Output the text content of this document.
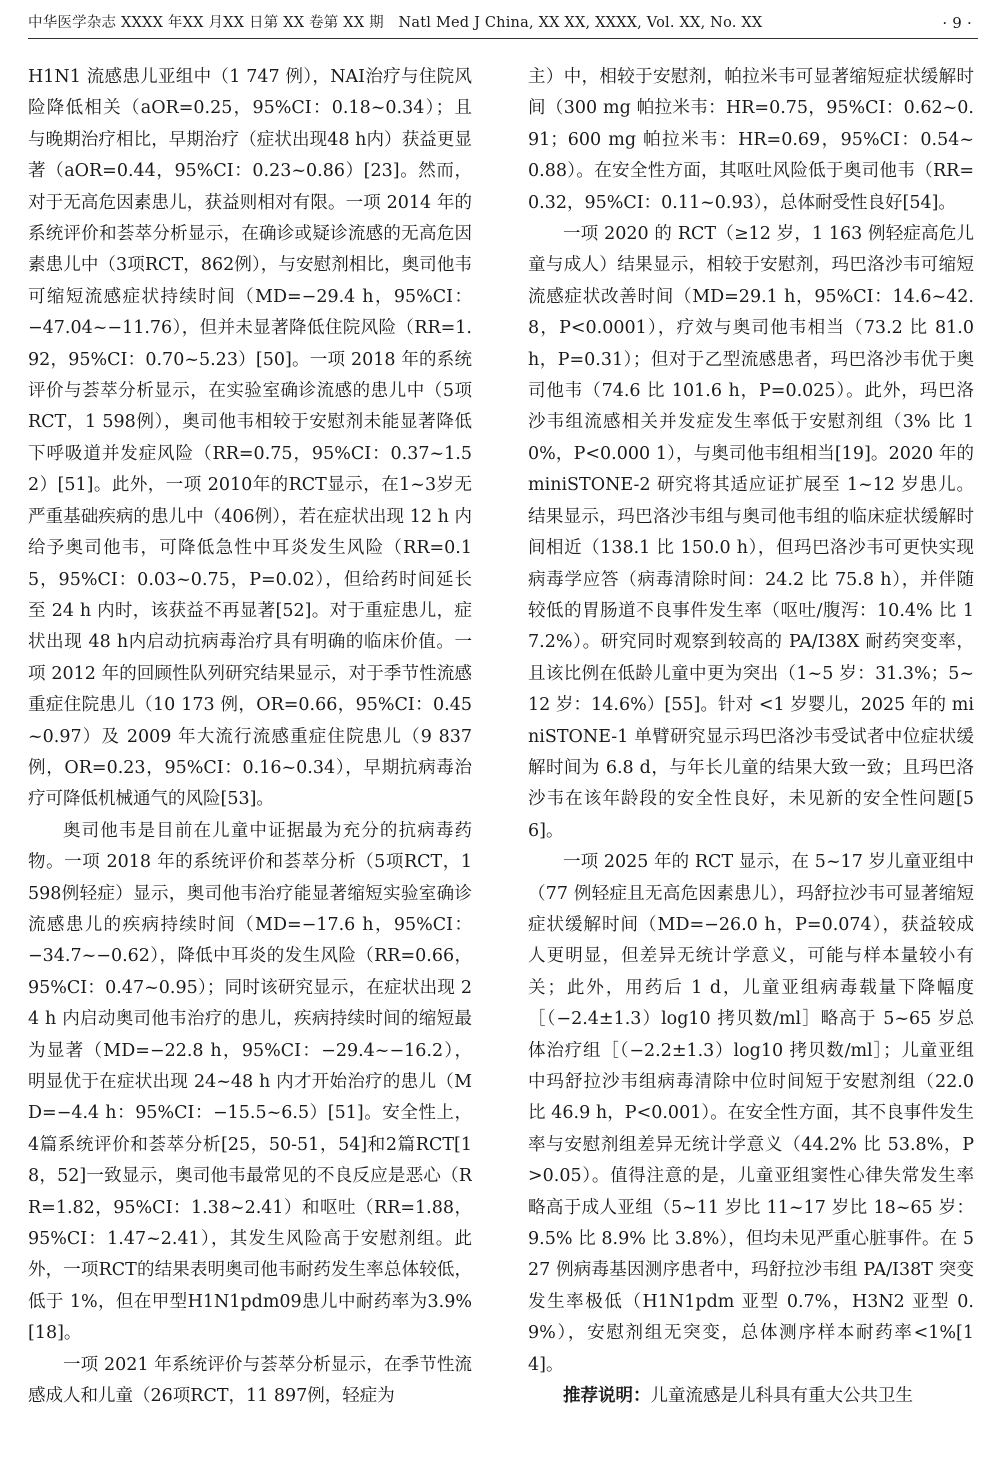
中华医学杂志 XXXX 年XX 月XX 日第 XX 卷第 XX 期　Natl Med J China, XX XX, XXXX, Vol. XX, No. XX	· 9 ·

H1N1 流感患儿亚组中（1 747 例），NAI治疗与住院风险降低相关（aOR=0.25，95%CI：0.18~0.34）；且与晚期治疗相比，早期治疗（症状出现48 h内）获益更显著（aOR=0.44，95%CI：0.23~0.86）[23]。然而，对于无高危因素患儿，获益则相对有限。一项 2014 年的系统评价和荟萃分析显示，在确诊或疑诊流感的无高危因素患儿中（3项RCT，862例），与安慰剂相比，奥司他韦可缩短流感症状持续时间（MD=−29.4 h，95%CI：−47.04~−11.76），但并未显著降低住院风险（RR=1.92，95%CI：0.70~5.23）[50]。一项 2018 年的系统评价与荟萃分析显示，在实验室确诊流感的患儿中（5项RCT，1 598例），奥司他韦相较于安慰剂未能显著降低下呼吸道并发症风险（RR=0.75，95%CI：0.37~1.52）[51]。此外，一项 2010年的RCT显示，在1~3岁无严重基础疾病的患儿中（406例），若在症状出现 12 h 内给予奥司他韦，可降低急性中耳炎发生风险（RR=0.15，95%CI：0.03~0.75，P=0.02），但给药时间延长至 24 h 内时，该获益不再显著[52]。对于重症患儿，症状出现 48 h内启动抗病毒治疗具有明确的临床价值。一项 2012 年的回顾性队列研究结果显示，对于季节性流感重症住院患儿（10 173 例，OR=0.66，95%CI：0.45~0.97）及 2009 年大流行流感重症住院患儿（9 837 例，OR=0.23，95%CI：0.16~0.34），早期抗病毒治疗可降低机械通气的风险[53]。

奥司他韦是目前在儿童中证据最为充分的抗病毒药物。一项 2018 年的系统评价和荟萃分析（5项RCT，1 598例轻症）显示，奥司他韦治疗能显著缩短实验室确诊流感患儿的疾病持续时间（MD=−17.6 h，95%CI：−34.7~−0.62），降低中耳炎的发生风险（RR=0.66，95%CI：0.47~0.95）；同时该研究显示，在症状出现 24 h 内启动奥司他韦治疗的患儿，疾病持续时间的缩短最为显著（MD=−22.8 h，95%CI：−29.4~−16.2），明显优于在症状出现 24~48 h 内才开始治疗的患儿（MD=−4.4 h：95%CI：−15.5~6.5）[51]。安全性上，4篇系统评价和荟萃分析[25，50-51，54]和2篇RCT[18，52]一致显示，奥司他韦最常见的不良反应是恶心（RR=1.82，95%CI：1.38~2.41）和呕吐（RR=1.88，95%CI：1.47~2.41），其发生风险高于安慰剂组。此外，一项RCT的结果表明奥司他韦耐药发生率总体较低，低于 1%，但在甲型H1N1pdm09患儿中耐药率为3.9%[18]。

一项 2021 年系统评价与荟萃分析显示，在季节性流感成人和儿童（26项RCT，11 897例，轻症为

主）中，相较于安慰剂，帕拉米韦可显著缩短症状缓解时间（300 mg 帕拉米韦：HR=0.75，95%CI：0.62~0.91；600 mg 帕拉米韦：HR=0.69，95%CI：0.54~0.88）。在安全性方面，其呕吐风险低于奥司他韦（RR=0.32，95%CI：0.11~0.93），总体耐受性良好[54]。

一项 2020 的 RCT（≥12 岁，1 163 例轻症高危儿童与成人）结果显示，相较于安慰剂，玛巴洛沙韦可缩短流感症状改善时间（MD=29.1 h，95%CI：14.6~42.8，P<0.0001），疗效与奥司他韦相当（73.2 比 81.0 h，P=0.31）；但对于乙型流感患者，玛巴洛沙韦优于奥司他韦（74.6 比 101.6 h，P=0.025）。此外，玛巴洛沙韦组流感相关并发症发生率低于安慰剂组（3% 比 10%，P<0.000 1），与奥司他韦组相当[19]。2020 年的 miniSTONE-2 研究将其适应证扩展至 1~12 岁患儿。结果显示，玛巴洛沙韦组与奥司他韦组的临床症状缓解时间相近（138.1 比 150.0 h），但玛巴洛沙韦可更快实现病毒学应答（病毒清除时间：24.2 比 75.8 h），并伴随较低的胃肠道不良事件发生率（呕吐/腹泻：10.4% 比 17.2%）。研究同时观察到较高的 PA/I38X 耐药突变率，且该比例在低龄儿童中更为突出（1~5 岁：31.3%；5~12 岁：14.6%）[55]。针对 <1 岁婴儿，2025 年的 miniSTONE-1 单臂研究显示玛巴洛沙韦受试者中位症状缓解时间为 6.8 d，与年长儿童的结果大致一致；且玛巴洛沙韦在该年龄段的安全性良好，未见新的安全性问题[56]。

一项 2025 年的 RCT 显示，在 5~17 岁儿童亚组中（77 例轻症且无高危因素患儿），玛舒拉沙韦可显著缩短症状缓解时间（MD=−26.0 h，P=0.074），获益较成人更明显，但差异无统计学意义，可能与样本量较小有关；此外，用药后 1 d，儿童亚组病毒载量下降幅度［（−2.4±1.3）log10 拷贝数/ml］略高于 5~65 岁总体治疗组［（−2.2±1.3）log10 拷贝数/ml］；儿童亚组中玛舒拉沙韦组病毒清除中位时间短于安慰剂组（22.0 比 46.9 h，P<0.001）。在安全性方面，其不良事件发生率与安慰剂组差异无统计学意义（44.2% 比 53.8%，P>0.05）。值得注意的是，儿童亚组窦性心律失常发生率略高于成人亚组（5~11 岁比 11~17 岁比 18~65 岁：9.5% 比 8.9% 比 3.8%），但均未见严重心脏事件。在 527 例病毒基因测序患者中，玛舒拉沙韦组 PA/I38T 突变发生率极低（H1N1pdm 亚型 0.7%，H3N2 亚型 0.9%），安慰剂组无突变，总体测序样本耐药率<1%[14]。

推荐说明：儿童流感是儿科具有重大公共卫生
